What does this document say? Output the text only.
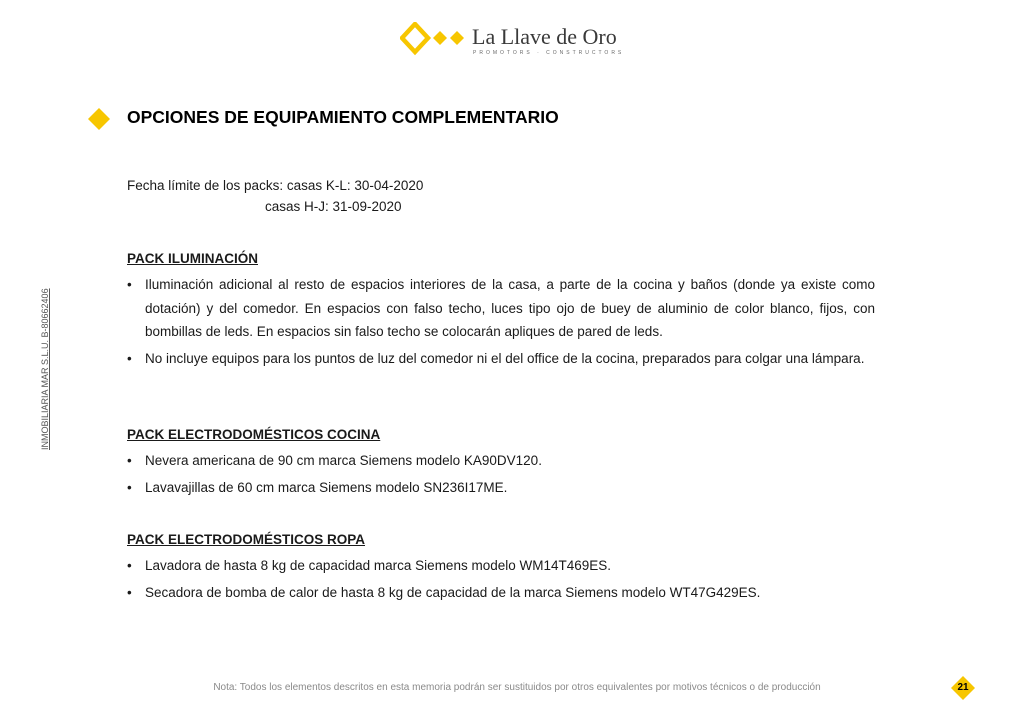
La Llave de Oro
PROMOTORS · CONSTRUCTORS
INMOBILIARIA MAR S.L.U. B-80662406
OPCIONES DE EQUIPAMIENTO COMPLEMENTARIO
Fecha límite de los packs: casas K-L: 30-04-2020
casas H-J: 31-09-2020
PACK ILUMINACIÓN
• Iluminación adicional al resto de espacios interiores de la casa, a parte de la cocina y baños (donde ya existe como dotación) y del comedor. En espacios con falso techo, luces tipo ojo de buey de aluminio de color blanco, fijos, con bombillas de leds. En espacios sin falso techo se colocarán apliques de pared de leds.
• No incluye equipos para los puntos de luz del comedor ni el del office de la cocina, preparados para colgar una lámpara.
PACK ELECTRODOMÉSTICOS COCINA
• Nevera americana de 90 cm marca Siemens modelo KA90DV120.
• Lavavajillas de 60 cm marca Siemens modelo SN236I17ME.
PACK ELECTRODOMÉSTICOS ROPA
• Lavadora de hasta 8 kg de capacidad marca Siemens modelo WM14T469ES.
• Secadora de bomba de calor de hasta 8 kg de capacidad de la marca Siemens modelo WT47G429ES.
Nota: Todos los elementos descritos en esta memoria podrán ser sustituidos por otros equivalentes por motivos técnicos o de producción	21
